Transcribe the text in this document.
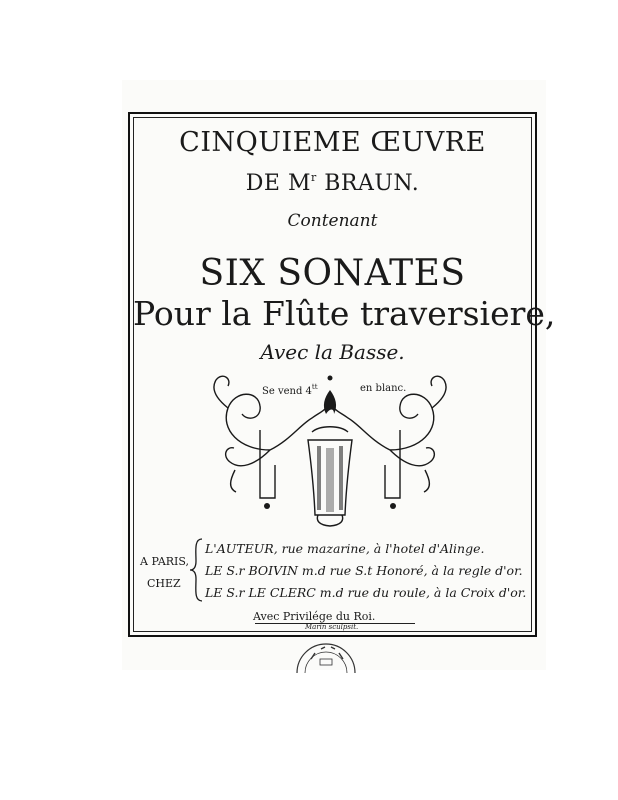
CINQUIEME ŒUVRE

DE $M^r$ BRAUN.

Contenant

SIX SONATES

Pour la Flûte traversiere,

Avec la Basse.

Se vend $4^{tt}$	en blanc.
A PARIS,
CHEZ
L'AUTEUR, rue mazarine, à l'hotel d'Alinge.
LE S.r BOIVIN m.d rue S.t Honoré, à la regle d'or.
LE S.r LE CLERC m.d rue du roule, à la Croix d'or.
Avec Privilége du Roi.
Marin sculpsit.
